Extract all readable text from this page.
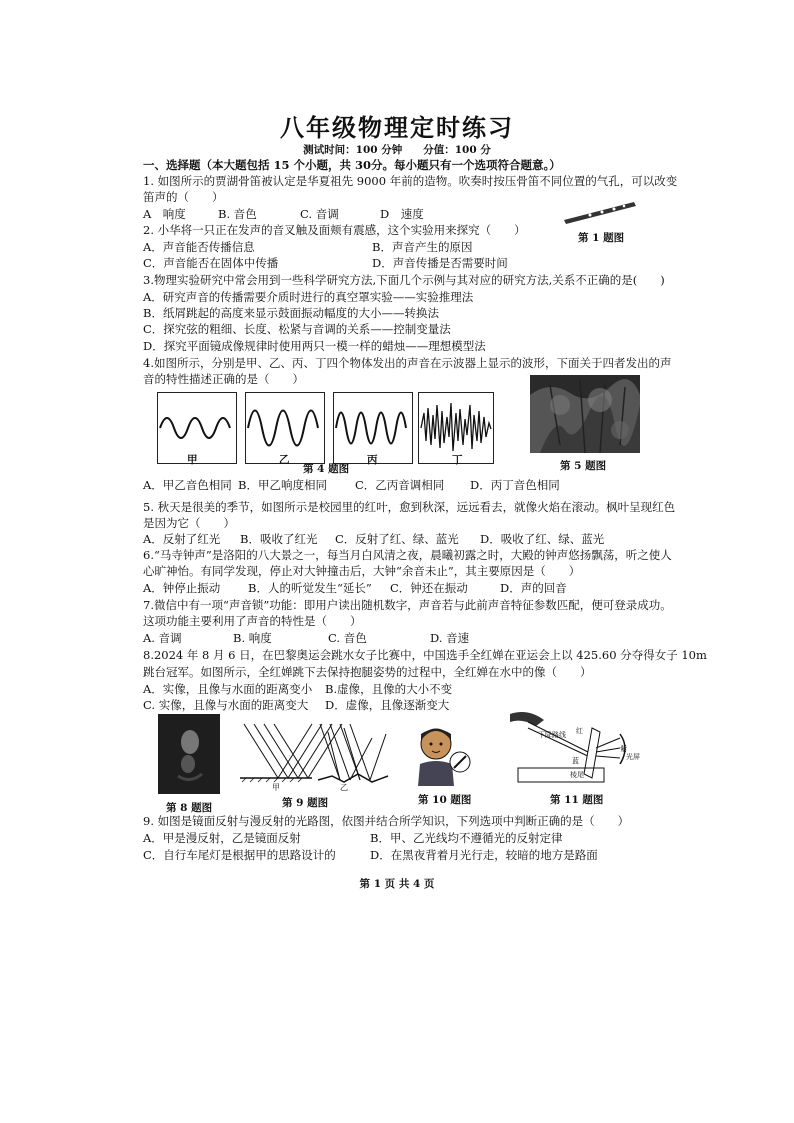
八年级物理定时练习
测试时间：100 分钟　　分值：100 分
一、选择题（本大题包括 15 个小题，共 30分。每小题只有一个选项符合题意。）
1. 如图所示的贾湖骨笛被认定是华夏祖先 9000 年前的造物。吹奏时按压骨笛不同位置的气孔，可以改变
笛声的（　　）
A　响度	B. 音色	C. 音调	D　速度
第 1 题图
2. 小华将一只正在发声的音叉触及面颊有震感，这个实验用来探究（　　）
A．声音能否传播信息	B．声音产生的原因
C．声音能否在固体中传播	D．声音传播是否需要时间
3.物理实验研究中常会用到一些科学研究方法,下面几个示例与其对应的研究方法,关系不正确的是(　　)
A．研究声音的传播需要介质时进行的真空罩实验——实验推理法
B．纸屑跳起的高度来显示鼓面振动幅度的大小——转换法
C．探究弦的粗细、长度、松紧与音调的关系——控制变量法
D．探究平面镜成像规律时使用两只一模一样的蜡烛——理想模型法
4.如图所示，分别是甲、乙、丙、丁四个物体发出的声音在示波器上显示的波形，下面关于四者发出的声
音的特性描述正确的是（　　）
甲	乙	丙	丁
第 4 题图	第 5 题图
A．甲乙音色相同 B．甲乙响度相同 C．乙丙音调相同 D．丙丁音色相同
5. 秋天是很美的季节，如图所示是校园里的红叶，愈到秋深，远远看去，就像火焰在滚动。枫叶呈现红色
是因为它（　　）
A．反射了红光 B．吸收了红光 C．反射了红、绿、蓝光 D．吸收了红、绿、蓝光
6.“马寺钟声”是洛阳的八大景之一，每当月白风清之夜，晨曦初露之时，大殿的钟声悠扬飘荡，听之使人
心旷神怡。有同学发现，停止对大钟撞击后，大钟“余音未止”，其主要原因是（　　）
A．钟停止振动 B．人的听觉发生“延长” C．钟还在振动	D．声的回音
7.微信中有一项“声音锁”功能：即用户读出随机数字，声音若与此前声音特征参数匹配，便可登录成功。
这项功能主要利用了声音的特性是（　　）
A. 音调	B. 响度	C. 音色	D. 音速
8.2024 年 8 月 6 日，在巴黎奥运会跳水女子比赛中，中国选手全红婵在亚运会上以 425.60 分夺得女子 10m
跳台冠军。如图所示，全红婵跳下去保持抱腿姿势的过程中，全红婵在水中的像（　　）
A．实像，且像与水面的距离变小 B.虚像，且像的大小不变
C. 实像，且像与水面的距离变大 D．虚像，且像逐渐变大
第 8 题图
甲	乙
第 9 题图	第 10 题图
下降路线 红
蓝
紫
光屏
棱尾
第 11 题图
9. 如图是镜面反射与漫反射的光路图，依图并结合所学知识，下列选项中判断正确的是（　　）
A．甲是漫反射，乙是镜面反射	B．甲、乙光线均不遵循光的反射定律
C．自行车尾灯是根据甲的思路设计的	D．在黑夜背着月光行走，较暗的地方是路面
第 1 页 共 4 页
